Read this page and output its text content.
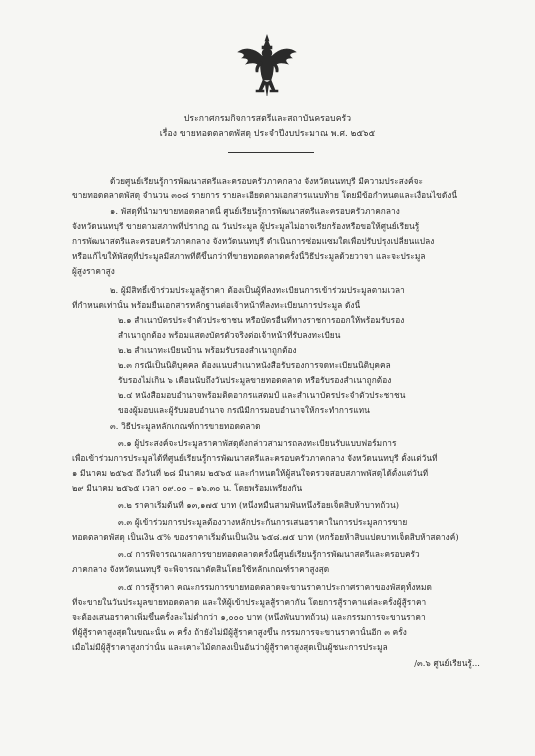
ประกาศกรมกิจการสตรีและสถาบันครอบครัว
เรื่อง ขายทอดตลาดพัสดุ ประจำปีงบประมาณ พ.ศ. ๒๕๖๕
ด้วยศูนย์เรียนรู้การพัฒนาสตรีและครอบครัวภาคกลาง จังหวัดนนทบุรี มีความประสงค์จะ
ขายทอดตลาดพัสดุ จำนวน ๓๐๘ รายการ รายละเอียดตามเอกสารแนบท้าย โดยมีข้อกำหนดและเงื่อนไขดังนี้
๑. พัสดุที่นำมาขายทอดตลาดนี้ ศูนย์เรียนรู้การพัฒนาสตรีและครอบครัวภาคกลาง
จังหวัดนนทบุรี ขายตามสภาพที่ปรากฏ ณ วันประมูล ผู้ประมูลไม่อาจเรียกร้องหรือขอให้ศูนย์เรียนรู้
การพัฒนาสตรีและครอบครัวภาคกลาง จังหวัดนนทบุรี ดำเนินการซ่อมแซมใดเพื่อปรับปรุงเปลี่ยนแปลง
หรือแก้ไขให้พัสดุที่ประมูลมีสภาพที่ดีขึ้นกว่าที่ขายทอดตลาดครั้งนี้วิธีประมูลด้วยวาจา และจะประมูล
ผู้สูงราคาสูง
๒. ผู้มีสิทธิ์เข้าร่วมประมูลสู้ราคา ต้องเป็นผู้ที่ลงทะเบียนการเข้าร่วมประมูลตามเวลา
ที่กำหนดเท่านั้น พร้อมยื่นเอกสารหลักฐานต่อเจ้าหน้าที่ลงทะเบียนการประมูล ดังนี้
๒.๑ สำเนาบัตรประจำตัวประชาชน หรือบัตรอื่นที่ทางราชการออกให้พร้อมรับรอง
สำเนาถูกต้อง พร้อมแสดงบัตรตัวจริงต่อเจ้าหน้าที่รับลงทะเบียน
๒.๒ สำเนาทะเบียนบ้าน พร้อมรับรองสำเนาถูกต้อง
๒.๓ กรณีเป็นนิติบุคคล ต้องแนบสำเนาหนังสือรับรองการจดทะเบียนนิติบุคคล
รับรองไม่เกิน ๖ เดือนนับถึงวันประมูลขายทอดตลาด หรือรับรองสำเนาถูกต้อง
๒.๔ หนังสือมอบอำนาจพร้อมติดอากรแสตมป์ และสำเนาบัตรประจำตัวประชาชน
ของผู้มอบและผู้รับมอบอำนาจ กรณีมีการมอบอำนาจให้กระทำการแทน
๓. วิธีประมูลหลักเกณฑ์การขายทอดตลาด
๓.๑ ผู้ประสงค์จะประมูลราคาพัสดุดังกล่าวสามารถลงทะเบียนรับแบบฟอร์มการ
เพื่อเข้าร่วมการประมูลได้ที่ศูนย์เรียนรู้การพัฒนาสตรีและครอบครัวภาคกลาง จังหวัดนนทบุรี ตั้งแต่วันที่
๑ มีนาคม ๒๕๖๕ ถึงวันที่ ๒๘ มีนาคม ๒๕๖๕ และกำหนดให้ผู้สนใจตรวจสอบสภาพพัสดุได้ตั้งแต่วันที่
๒๙ มีนาคม ๒๕๖๕ เวลา ๐๙.๐๐ – ๑๖.๓๐ น. โดยพร้อมเพรียงกัน
๓.๒ ราคาเริ่มต้นที่ ๑๓,๑๗๕ บาท (หนึ่งหมื่นสามพันหนึ่งร้อยเจ็ดสิบห้าบาทถ้วน)
๓.๓ ผู้เข้าร่วมการประมูลต้องวางหลักประกันการเสนอราคาในการประมูลการขาย
ทอดตลาดพัสดุ เป็นเงิน ๕% ของราคาเริ่มต้นเป็นเงิน ๖๕๘.๗๕ บาท (หกร้อยห้าสิบแปดบาทเจ็ดสิบห้าสตางค์)
๓.๔ การพิจารณาผลการขายทอดตลาดครั้งนี้ศูนย์เรียนรู้การพัฒนาสตรีและครอบครัว
ภาคกลาง จังหวัดนนทบุรี จะพิจารณาตัดสินโดยใช้หลักเกณฑ์ราคาสูงสุด
๓.๕ การสู้ราคา คณะกรรมการขายทอดตลาดจะขานราคาประกาศราคาของพัสดุทั้งหมด
ที่จะขายในวันประมูลขายทอดตลาด และให้ผู้เข้าประมูลสู้ราคากัน โดยการสู้ราคาแต่ละครั้งผู้สู้ราคา
จะต้องเสนอราคาเพิ่มขึ้นครั้งละไม่ต่ำกว่า ๑,๐๐๐ บาท (หนึ่งพันบาทถ้วน) และกรรมการจะขานราคา
ที่ผู้สู้ราคาสูงสุดในขณะนั้น ๓ ครั้ง ถ้ายังไม่มีผู้สู้ราคาสูงขึ้น กรรมการจะขานราคานั้นอีก ๓ ครั้ง
เมื่อไม่มีผู้สู้ราคาสูงกว่านั้น และเคาะไม้ตกลงเป็นอันว่าผู้สู้ราคาสูงสุดเป็นผู้ชนะการประมูล
/๓.๖ ศูนย์เรียนรู้...
